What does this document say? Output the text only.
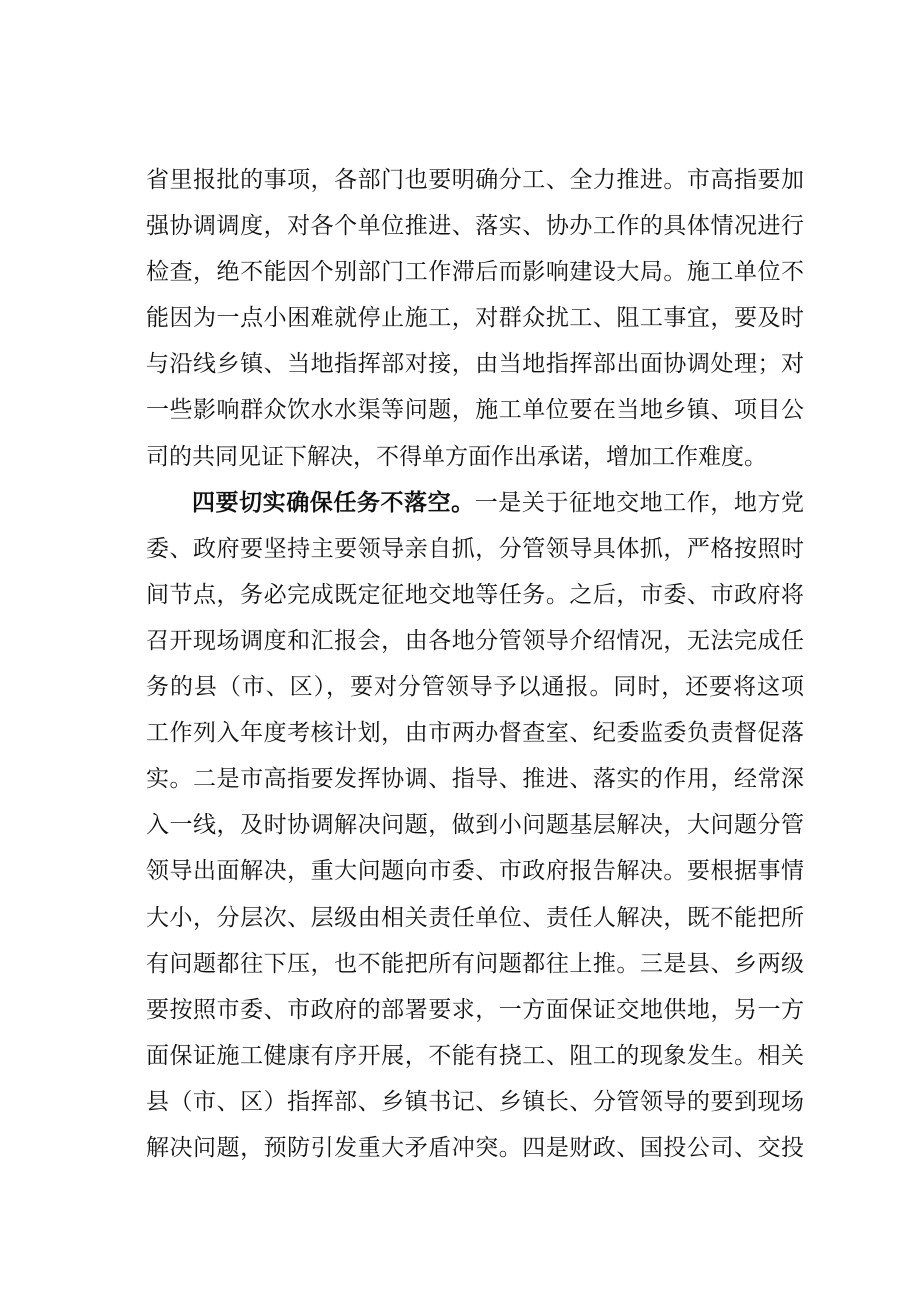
省里报批的事项，各部门也要明确分工、全力推进。市高指要加
强协调调度，对各个单位推进、落实、协办工作的具体情况进行
检查，绝不能因个别部门工作滞后而影响建设大局。施工单位不
能因为一点小困难就停止施工，对群众扰工、阻工事宜，要及时
与沿线乡镇、当地指挥部对接，由当地指挥部出面协调处理；对
一些影响群众饮水水渠等问题，施工单位要在当地乡镇、项目公
司的共同见证下解决，不得单方面作出承诺，增加工作难度。
四要切实确保任务不落空。一是关于征地交地工作，地方党
委、政府要坚持主要领导亲自抓，分管领导具体抓，严格按照时
间节点，务必完成既定征地交地等任务。之后，市委、市政府将
召开现场调度和汇报会，由各地分管领导介绍情况，无法完成任
务的县（市、区），要对分管领导予以通报。同时，还要将这项
工作列入年度考核计划，由市两办督查室、纪委监委负责督促落
实。二是市高指要发挥协调、指导、推进、落实的作用，经常深
入一线，及时协调解决问题，做到小问题基层解决，大问题分管
领导出面解决，重大问题向市委、市政府报告解决。要根据事情
大小，分层次、层级由相关责任单位、责任人解决，既不能把所
有问题都往下压，也不能把所有问题都往上推。三是县、乡两级
要按照市委、市政府的部署要求，一方面保证交地供地，另一方
面保证施工健康有序开展，不能有挠工、阻工的现象发生。相关
县（市、区）指挥部、乡镇书记、乡镇长、分管领导的要到现场
解决问题，预防引发重大矛盾冲突。四是财政、国投公司、交投
